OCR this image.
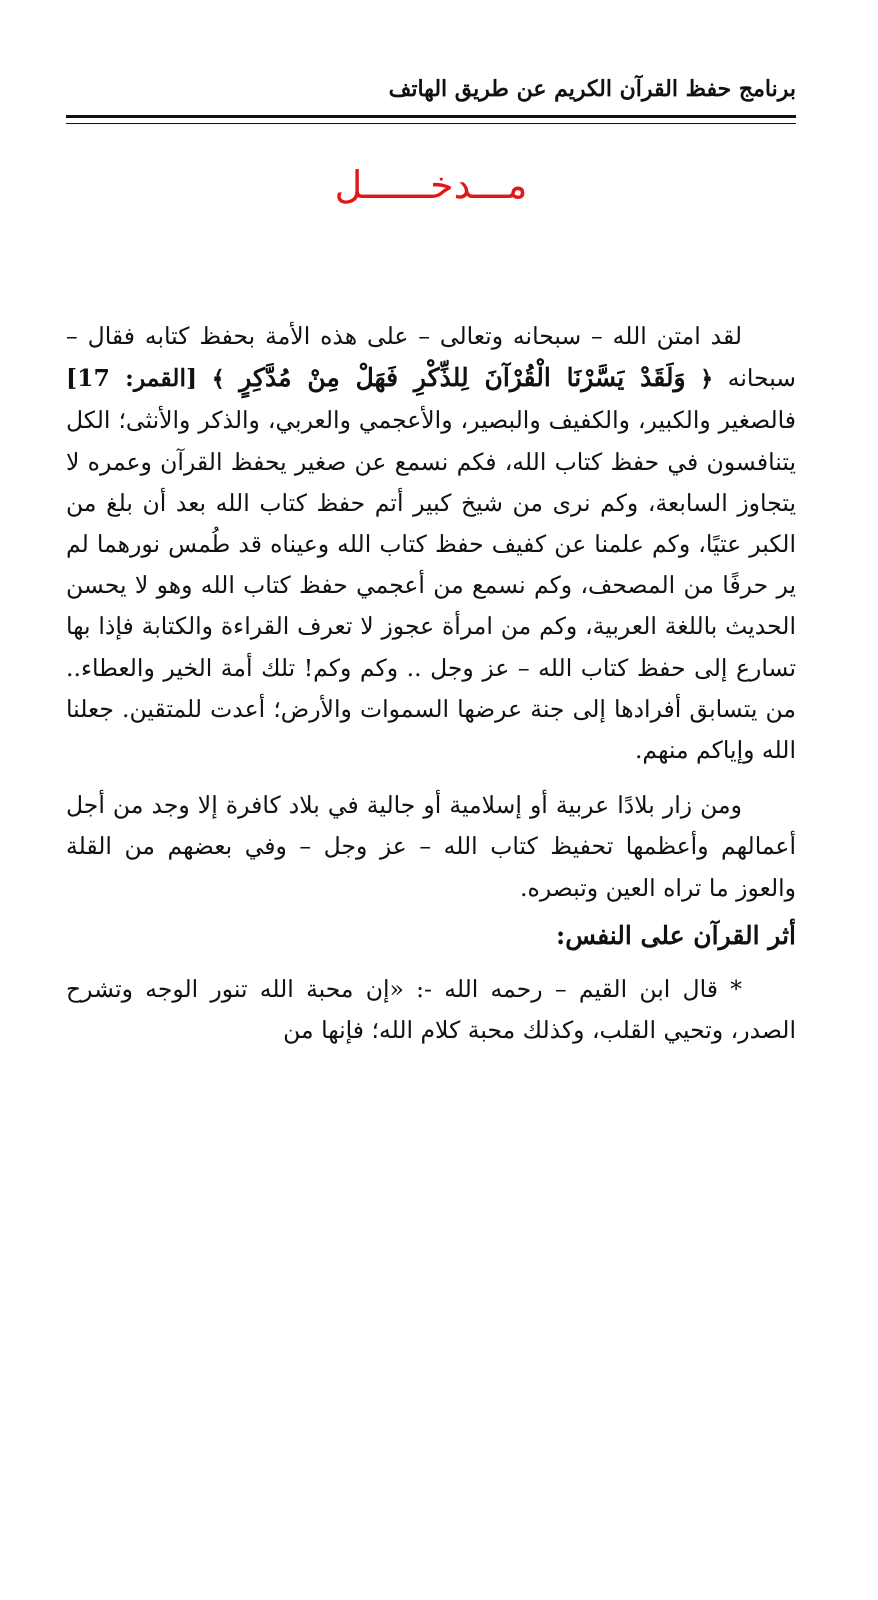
برنامج حفظ القرآن الكريم عن طريق الهاتف
مـــدخــــــل

لقد امتن الله – سبحانه وتعالى – على هذه الأمة بحفظ كتابه فقال – سبحانه ﴿ وَلَقَدْ يَسَّرْنَا الْقُرْآنَ لِلذِّكْرِ فَهَلْ مِنْ مُدَّكِرٍ ﴾ [القمر: 17] فالصغير والكبير، والكفيف والبصير، والأعجمي والعربي، والذكر والأنثى؛ الكل يتنافسون في حفظ كتاب الله، فكم نسمع عن صغير يحفظ القرآن وعمره لا يتجاوز السابعة، وكم نرى من شيخ كبير أتم حفظ كتاب الله بعد أن بلغ من الكبر عتيًا، وكم علمنا عن كفيف حفظ كتاب الله وعيناه قد طُمس نورهما لم ير حرفًا من المصحف، وكم نسمع من أعجمي حفظ كتاب الله وهو لا يحسن الحديث باللغة العربية، وكم من امرأة عجوز لا تعرف القراءة والكتابة فإذا بها تسارع إلى حفظ كتاب الله – عز وجل .. وكم وكم! تلك أمة الخير والعطاء.. من يتسابق أفرادها إلى جنة عرضها السموات والأرض؛ أعدت للمتقين. جعلنا الله وإياكم منهم.

ومن زار بلادًا عربية أو إسلامية أو جالية في بلاد كافرة إلا وجد من أجل أعمالهم وأعظمها تحفيظ كتاب الله – عز وجل – وفي بعضهم من القلة والعوز ما تراه العين وتبصره.

أثر القرآن على النفس:

* قال ابن القيم – رحمه الله -: «إن محبة الله تنور الوجه وتشرح الصدر، وتحيي القلب، وكذلك محبة كلام الله؛ فإنها من
